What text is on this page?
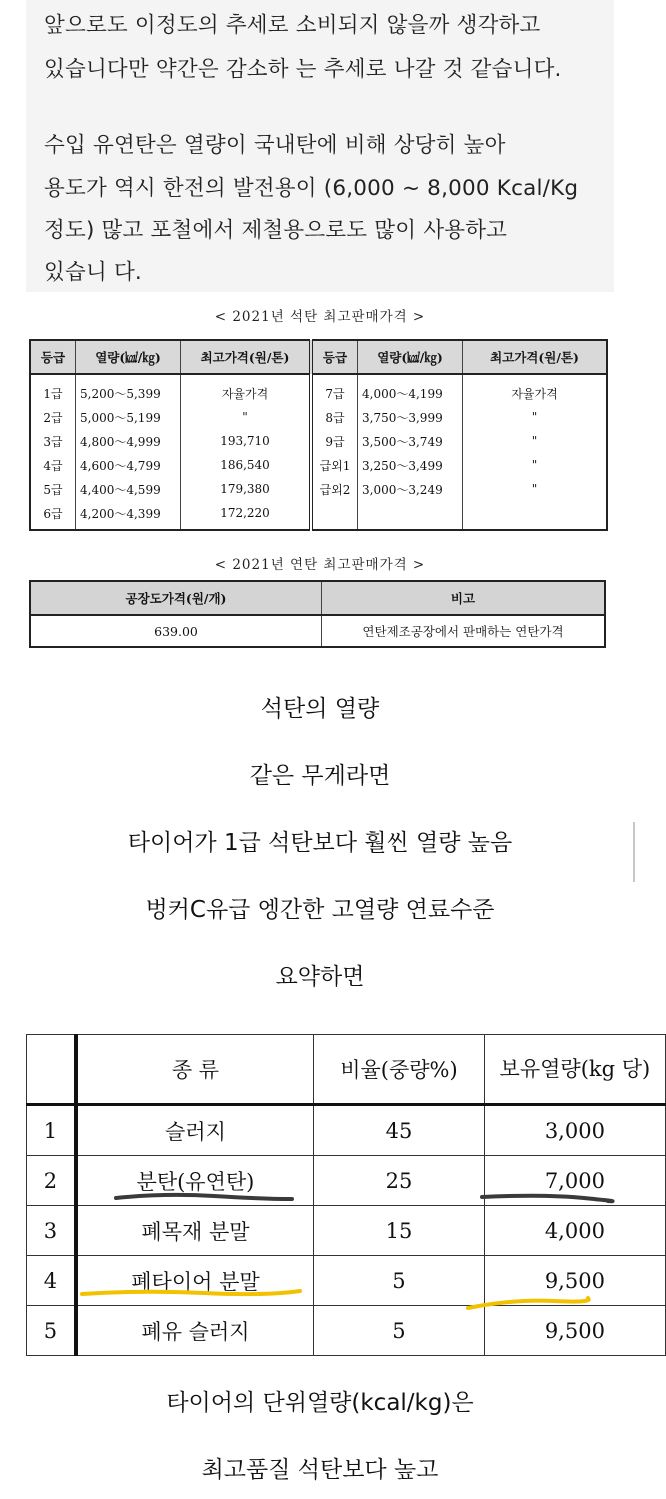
앞으로도 이정도의 추세로 소비되지 않을까 생각하고
있습니다만 약간은 감소하 는 추세로 나갈 것 같습니다.
수입 유연탄은 열량이 국내탄에 비해 상당히 높아
용도가 역시 한전의 발전용이 (6,000 ~ 8,000 Kcal/Kg
정도) 많고 포철에서 제철용으로도 많이 사용하고
있습니 다.
< 2021년 석탄 최고판매가격 >
등급	열량(㎉/㎏)	최고가격(원/톤)	등급	열량(㎉/㎏)	최고가격(원/톤)
1급	5,200～5,399	자율가격	7급	4,000～4,199	자율가격
2급	5,000～5,199	"	8급	3,750～3,999	"
3급	4,800～4,999	193,710	9급	3,500～3,749	"
4급	4,600～4,799	186,540	급외1	3,250～3,499	"
5급	4,400～4,599	179,380	급외2	3,000～3,249	"
6급	4,200～4,399	172,220			
< 2021년 연탄 최고판매가격 >
공장도가격(원/개)	비고
639.00	연탄제조공장에서 판매하는 연탄가격
석탄의 열량
같은 무게라면
타이어가 1급 석탄보다 훨씬 열량 높음
벙커C유급 엥간한 고열량 연료수준
요약하면
	종 류	비율(중량%)	보유열량(kg 당)
1	슬러지	45	3,000
2	분탄(유연탄)	25	7,000
3	폐목재 분말	15	4,000
4	폐타이어 분말	5	9,500
5	폐유 슬러지	5	9,500
타이어의 단위열량(kcal/kg)은
최고품질 석탄보다 높고
